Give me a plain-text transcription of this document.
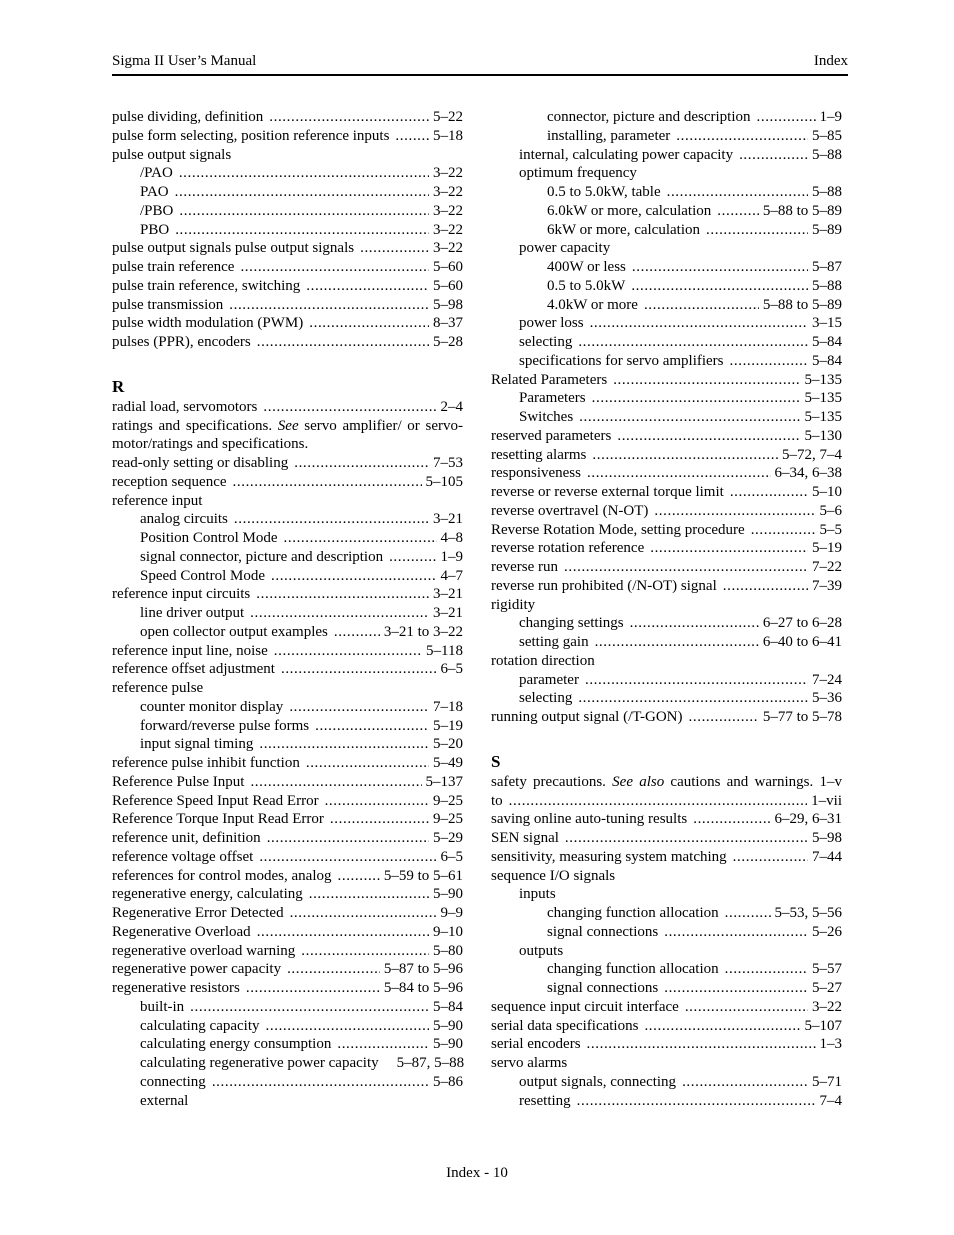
Sigma II User’s Manual	Index
pulse dividing, definition .....	5–22
pulse form selecting, position reference inputs .....	5–18
pulse output signals
/PAO .....	3–22
PAO .....	3–22
/PBO .....	3–22
PBO .....	3–22
pulse output signals pulse output signals .....	3–22
pulse train reference .....	5–60
pulse train reference, switching .....	5–60
pulse transmission .....	5–98
pulse width modulation (PWM) .....	8–37
pulses (PPR), encoders .....	5–28
R
radial load, servomotors .....	2–4
ratings and specifications. See servo amplifier/ or servo-
motor/ratings and specifications.
read-only setting or disabling .....	7–53
reception sequence .....	5–105
reference input
analog circuits .....	3–21
Position Control Mode .....	4–8
signal connector, picture and description .....	1–9
Speed Control Mode .....	4–7
reference input circuits .....	3–21
line driver output .....	3–21
open collector output examples .....	3–21 to 3–22
reference input line, noise .....	5–118
reference offset adjustment .....	6–5
reference pulse
counter monitor display .....	7–18
forward/reverse pulse forms .....	5–19
input signal timing .....	5–20
reference pulse inhibit function .....	5–49
Reference Pulse Input .....	5–137
Reference Speed Input Read Error .....	9–25
Reference Torque Input Read Error .....	9–25
reference unit, definition .....	5–29
reference voltage offset .....	6–5
references for control modes, analog .....	5–59 to 5–61
regenerative energy, calculating .....	5–90
Regenerative Error Detected .....	9–9
Regenerative Overload .....	9–10
regenerative overload warning .....	5–80
regenerative power capacity .....	5–87 to 5–96
regenerative resistors .....	5–84 to 5–96
built-in .....	5–84
calculating capacity .....	5–90
calculating energy consumption .....	5–90
calculating regenerative power capacity 5–87, 5–88
connecting .....	5–86
external
connector, picture and description .....	1–9
installing, parameter .....	5–85
internal, calculating power capacity .....	5–88
optimum frequency
0.5 to 5.0kW, table .....	5–88
6.0kW or more, calculation .....	5–88 to 5–89
6kW or more, calculation .....	5–89
power capacity
400W or less .....	5–87
0.5 to 5.0kW .....	5–88
4.0kW or more .....	5–88 to 5–89
power loss .....	3–15
selecting .....	5–84
specifications for servo amplifiers .....	5–84
Related Parameters .....	5–135
Parameters .....	5–135
Switches .....	5–135
reserved parameters .....	5–130
resetting alarms .....	5–72, 7–4
responsiveness .....	6–34, 6–38
reverse or reverse external torque limit .....	5–10
reverse overtravel (N-OT) .....	5–6
Reverse Rotation Mode, setting procedure .....	5–5
reverse rotation reference .....	5–19
reverse run .....	7–22
reverse run prohibited (/N-OT) signal .....	7–39
rigidity
changing settings .....	6–27 to 6–28
setting gain .....	6–40 to 6–41
rotation direction
parameter .....	7–24
selecting .....	5–36
running output signal (/T-GON) .....	5–77 to 5–78
S
safety precautions. See also cautions and warnings. 1–v
to .....	1–vii
saving online auto-tuning results .....	6–29, 6–31
SEN signal .....	5–98
sensitivity, measuring system matching .....	7–44
sequence I/O signals
inputs
changing function allocation .....	5–53, 5–56
signal connections .....	5–26
outputs
changing function allocation .....	5–57
signal connections .....	5–27
sequence input circuit interface .....	3–22
serial data specifications .....	5–107
serial encoders .....	1–3
servo alarms
output signals, connecting .....	5–71
resetting .....	7–4
Index - 10
